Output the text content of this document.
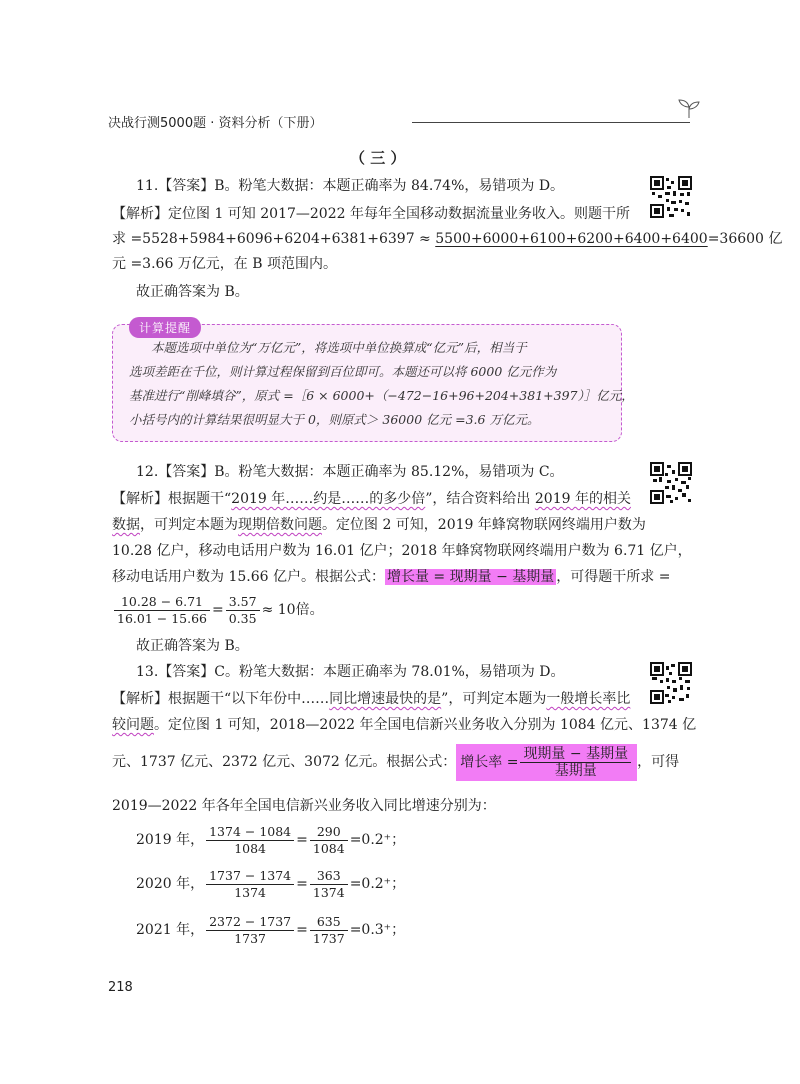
决战行测5000题 · 资料分析（下册）
（ 三 ）
11.【答案】B。粉笔大数据：本题正确率为 84.74%，易错项为 D。
【解析】定位图 1 可知 2017—2022 年每年全国移动数据流量业务收入。则题干所
求 =5528+5984+6096+6204+6381+6397 ≈ 5500+6000+6100+6200+6400+6400=36600 亿
元 =3.66 万亿元，在 B 项范围内。
故正确答案为 B。
计算提醒
本题选项中单位为“万亿元”，将选项中单位换算成“亿元”后，相当于
选项差距在千位，则计算过程保留到百位即可。本题还可以将 6000 亿元作为
基准进行“削峰填谷”，原式 =［6 × 6000+（−472−16+96+204+381+397）］亿元，
小括号内的计算结果很明显大于 0，则原式＞ 36000 亿元 =3.6 万亿元。
12.【答案】B。粉笔大数据：本题正确率为 85.12%，易错项为 C。
【解析】根据题干“2019 年……约是……的多少倍”，结合资料给出 2019 年的相关
数据，可判定本题为现期倍数问题。定位图 2 可知，2019 年蜂窝物联网终端用户数为
10.28 亿户，移动电话用户数为 16.01 亿户；2018 年蜂窝物联网终端用户数为 6.71 亿户，
移动电话用户数为 15.66 亿户。根据公式： 增长量 = 现期量 − 基期量 ，可得题干所求 =
$\frac{10.28 - 6.71}{16.01 - 15.66} = \frac{3.57}{0.35} \approx 10$倍。
故正确答案为 B。
13.【答案】C。粉笔大数据：本题正确率为 78.01%，易错项为 D。
【解析】根据题干“以下年份中……同比增速最快的是”，可判定本题为一般增长率比
较问题。定位图 1 可知，2018—2022 年全国电信新兴业务收入分别为 1084 亿元、1374 亿
元、1737 亿元、2372 亿元、3072 亿元。根据公式： 增长率 = $\frac{\text{现期量 − 基期量}}{\text{基期量}}$ ，可得
2019—2022 年各年全国电信新兴业务收入同比增速分别为：
2019 年， $\frac{1374 - 1084}{1084} = \frac{290}{1084} =0.2^+$；
2020 年， $\frac{1737 - 1374}{1374} = \frac{363}{1374} =0.2^+$；
2021 年， $\frac{2372 - 1737}{1737} = \frac{635}{1737} =0.3^+$；
218
